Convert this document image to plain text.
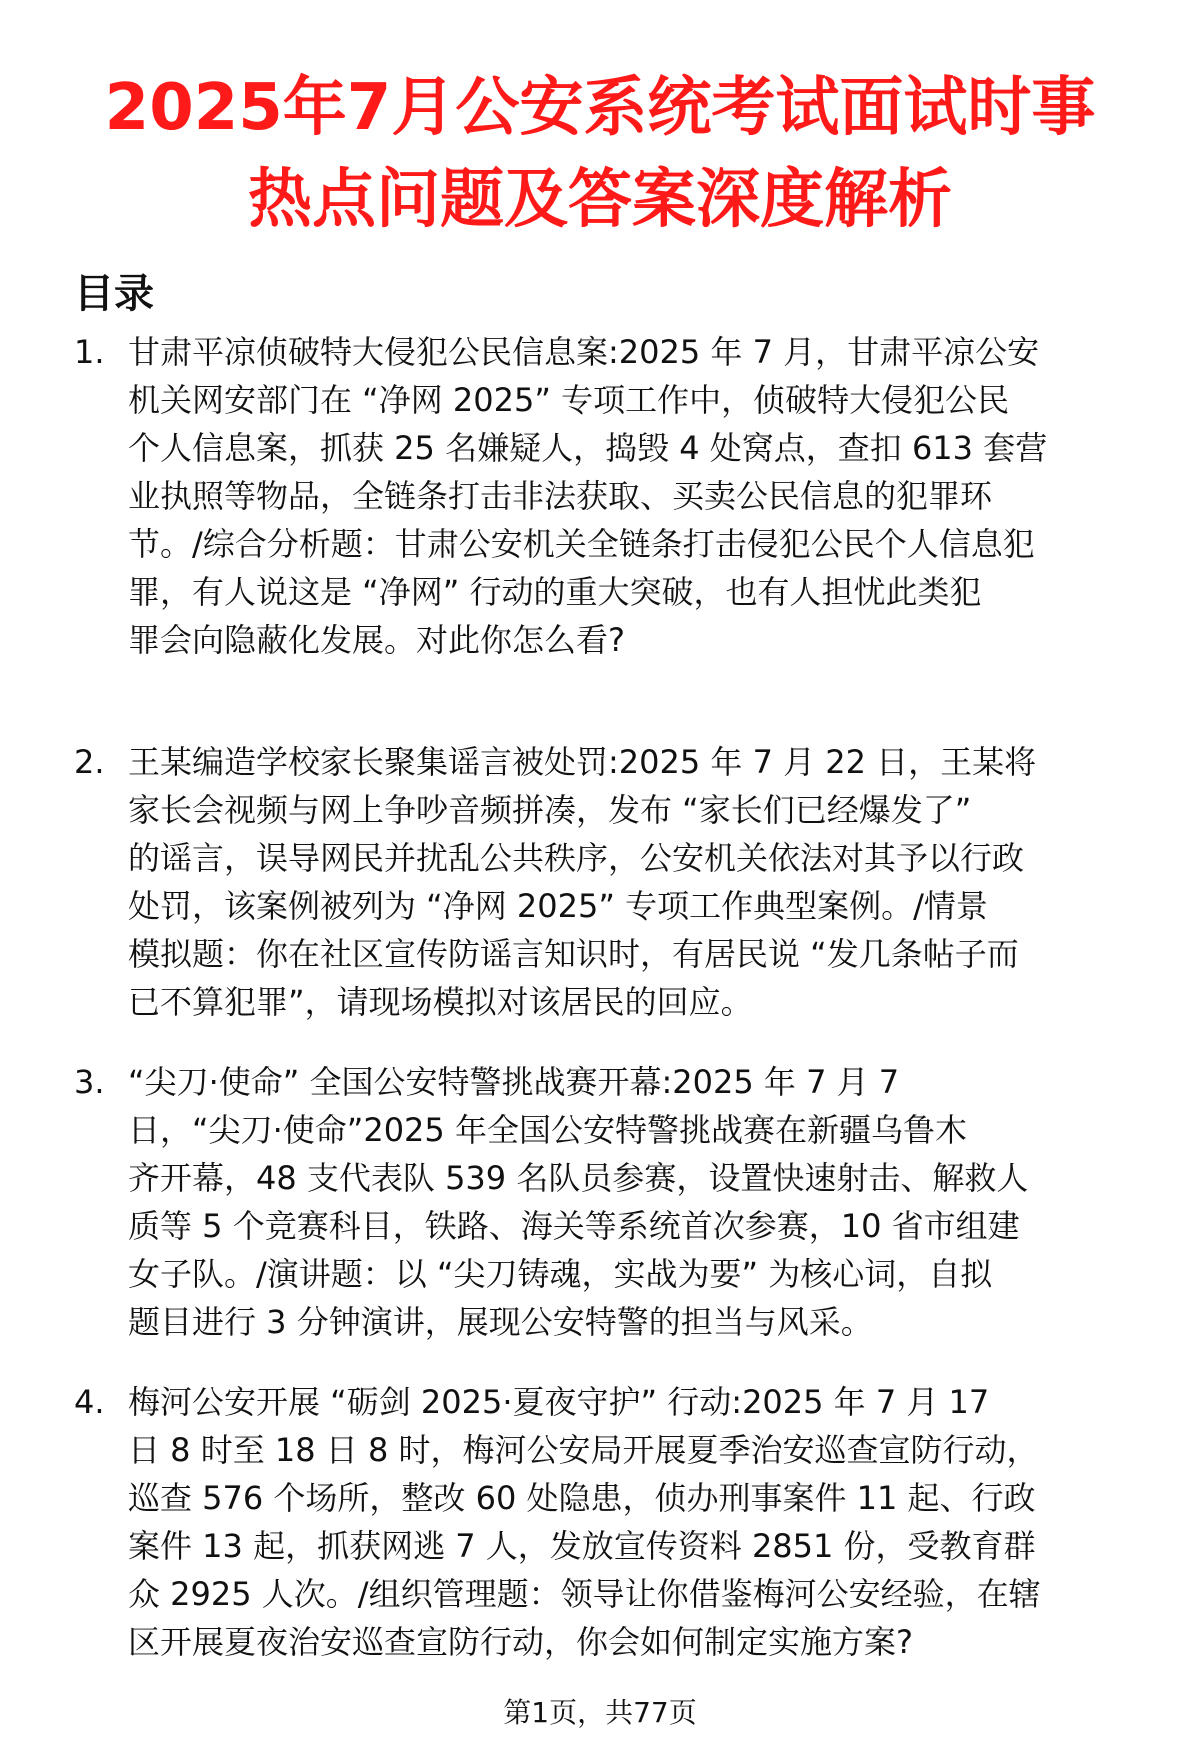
2025年7月公安系统考试面试时事
热点问题及答案深度解析
目录
1. 甘肃平凉侦破特大侵犯公民信息案:2025 年 7 月，甘肃平凉公安
机关网安部门在 “净网 2025” 专项工作中，侦破特大侵犯公民
个人信息案，抓获 25 名嫌疑人，捣毁 4 处窝点，查扣 613 套营
业执照等物品，全链条打击非法获取、买卖公民信息的犯罪环
节。/综合分析题：甘肃公安机关全链条打击侵犯公民个人信息犯
罪，有人说这是 “净网” 行动的重大突破，也有人担忧此类犯
罪会向隐蔽化发展。对此你怎么看?
2. 王某编造学校家长聚集谣言被处罚:2025 年 7 月 22 日，王某将
家长会视频与网上争吵音频拼凑，发布 “家长们已经爆发了”
的谣言，误导网民并扰乱公共秩序，公安机关依法对其予以行政
处罚，该案例被列为 “净网 2025” 专项工作典型案例。/情景
模拟题：你在社区宣传防谣言知识时，有居民说 “发几条帖子而
已不算犯罪”，请现场模拟对该居民的回应。
3. “尖刀·使命” 全国公安特警挑战赛开幕:2025 年 7 月 7
日，“尖刀·使命”2025 年全国公安特警挑战赛在新疆乌鲁木
齐开幕，48 支代表队 539 名队员参赛，设置快速射击、解救人
质等 5 个竞赛科目，铁路、海关等系统首次参赛，10 省市组建
女子队。/演讲题：以 “尖刀铸魂，实战为要” 为核心词，自拟
题目进行 3 分钟演讲，展现公安特警的担当与风采。
4. 梅河公安开展 “砺剑 2025·夏夜守护” 行动:2025 年 7 月 17
日 8 时至 18 日 8 时，梅河公安局开展夏季治安巡查宣防行动，
巡查 576 个场所，整改 60 处隐患，侦办刑事案件 11 起、行政
案件 13 起，抓获网逃 7 人，发放宣传资料 2851 份，受教育群
众 2925 人次。/组织管理题：领导让你借鉴梅河公安经验，在辖
区开展夏夜治安巡查宣防行动，你会如何制定实施方案?
第1页，共77页
